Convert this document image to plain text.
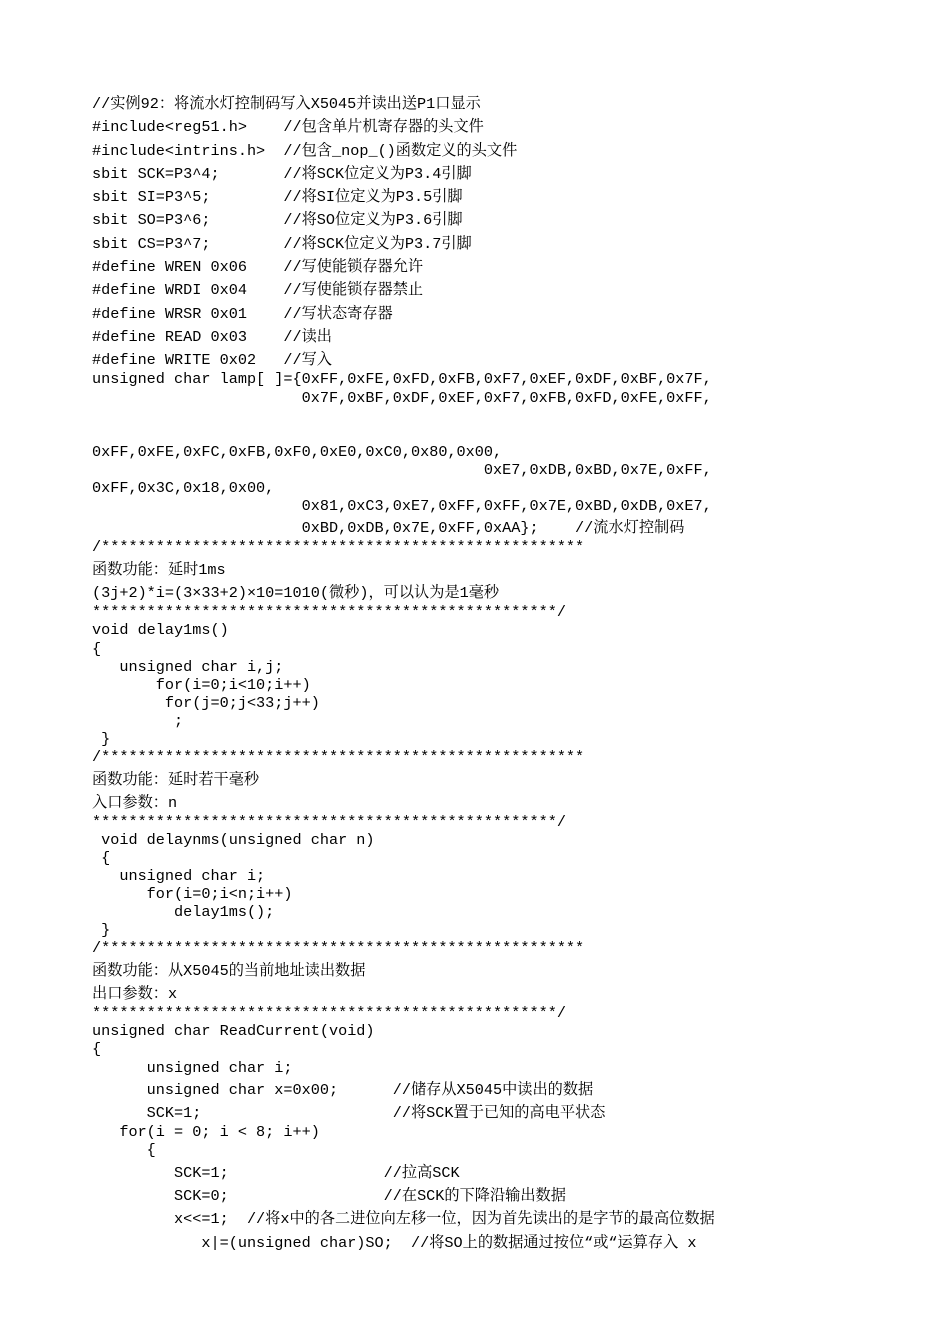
//实例92：将流水灯控制码写入X5045并读出送P1口显示
#include<reg51.h>    //包含单片机寄存器的头文件
#include<intrins.h>  //包含_nop_()函数定义的头文件
sbit SCK=P3^4;       //将SCK位定义为P3.4引脚
sbit SI=P3^5;        //将SI位定义为P3.5引脚
sbit SO=P3^6;        //将SO位定义为P3.6引脚
sbit CS=P3^7;        //将SCK位定义为P3.7引脚
#define WREN 0x06    //写使能锁存器允许
#define WRDI 0x04    //写使能锁存器禁止
#define WRSR 0x01    //写状态寄存器
#define READ 0x03    //读出
#define WRITE 0x02   //写入
unsigned char lamp[ ]={0xFF,0xFE,0xFD,0xFB,0xF7,0xEF,0xDF,0xBF,0x7F,
0x7F,0xBF,0xDF,0xEF,0xF7,0xFB,0xFD,0xFE,0xFF,
0xFF,0xFE,0xFC,0xFB,0xF0,0xE0,0xC0,0x80,0x00,
0xE7,0xDB,0xBD,0x7E,0xFF,
0xFF,0x3C,0x18,0x00,
0x81,0xC3,0xE7,0xFF,0xFF,0x7E,0xBD,0xDB,0xE7,
0xBD,0xDB,0x7E,0xFF,0xAA};    //流水灯控制码
/*****************************************************
函数功能：延时1ms
(3j+2)*i=(3×33+2)×10=1010(微秒)，可以认为是1毫秒
***************************************************/
void delay1ms()
{
unsigned char i,j;
for(i=0;i<10;i++)
for(j=0;j<33;j++)
;
}
/*****************************************************
函数功能：延时若干毫秒
入口参数：n
***************************************************/
void delaynms(unsigned char n)
{
unsigned char i;
for(i=0;i<n;i++)
delay1ms();
}
/*****************************************************
函数功能：从X5045的当前地址读出数据
出口参数：x
***************************************************/
unsigned char ReadCurrent(void)
{
unsigned char i;
unsigned char x=0x00;      //储存从X5045中读出的数据
SCK=1;                     //将SCK置于已知的高电平状态
for(i = 0; i < 8; i++)
{
SCK=1;                 //拉高SCK
SCK=0;                 //在SCK的下降沿输出数据
x<<=1;  //将x中的各二进位向左移一位，因为首先读出的是字节的最高位数据
x|=(unsigned char)SO;  //将SO上的数据通过按位“或“运算存入 x
